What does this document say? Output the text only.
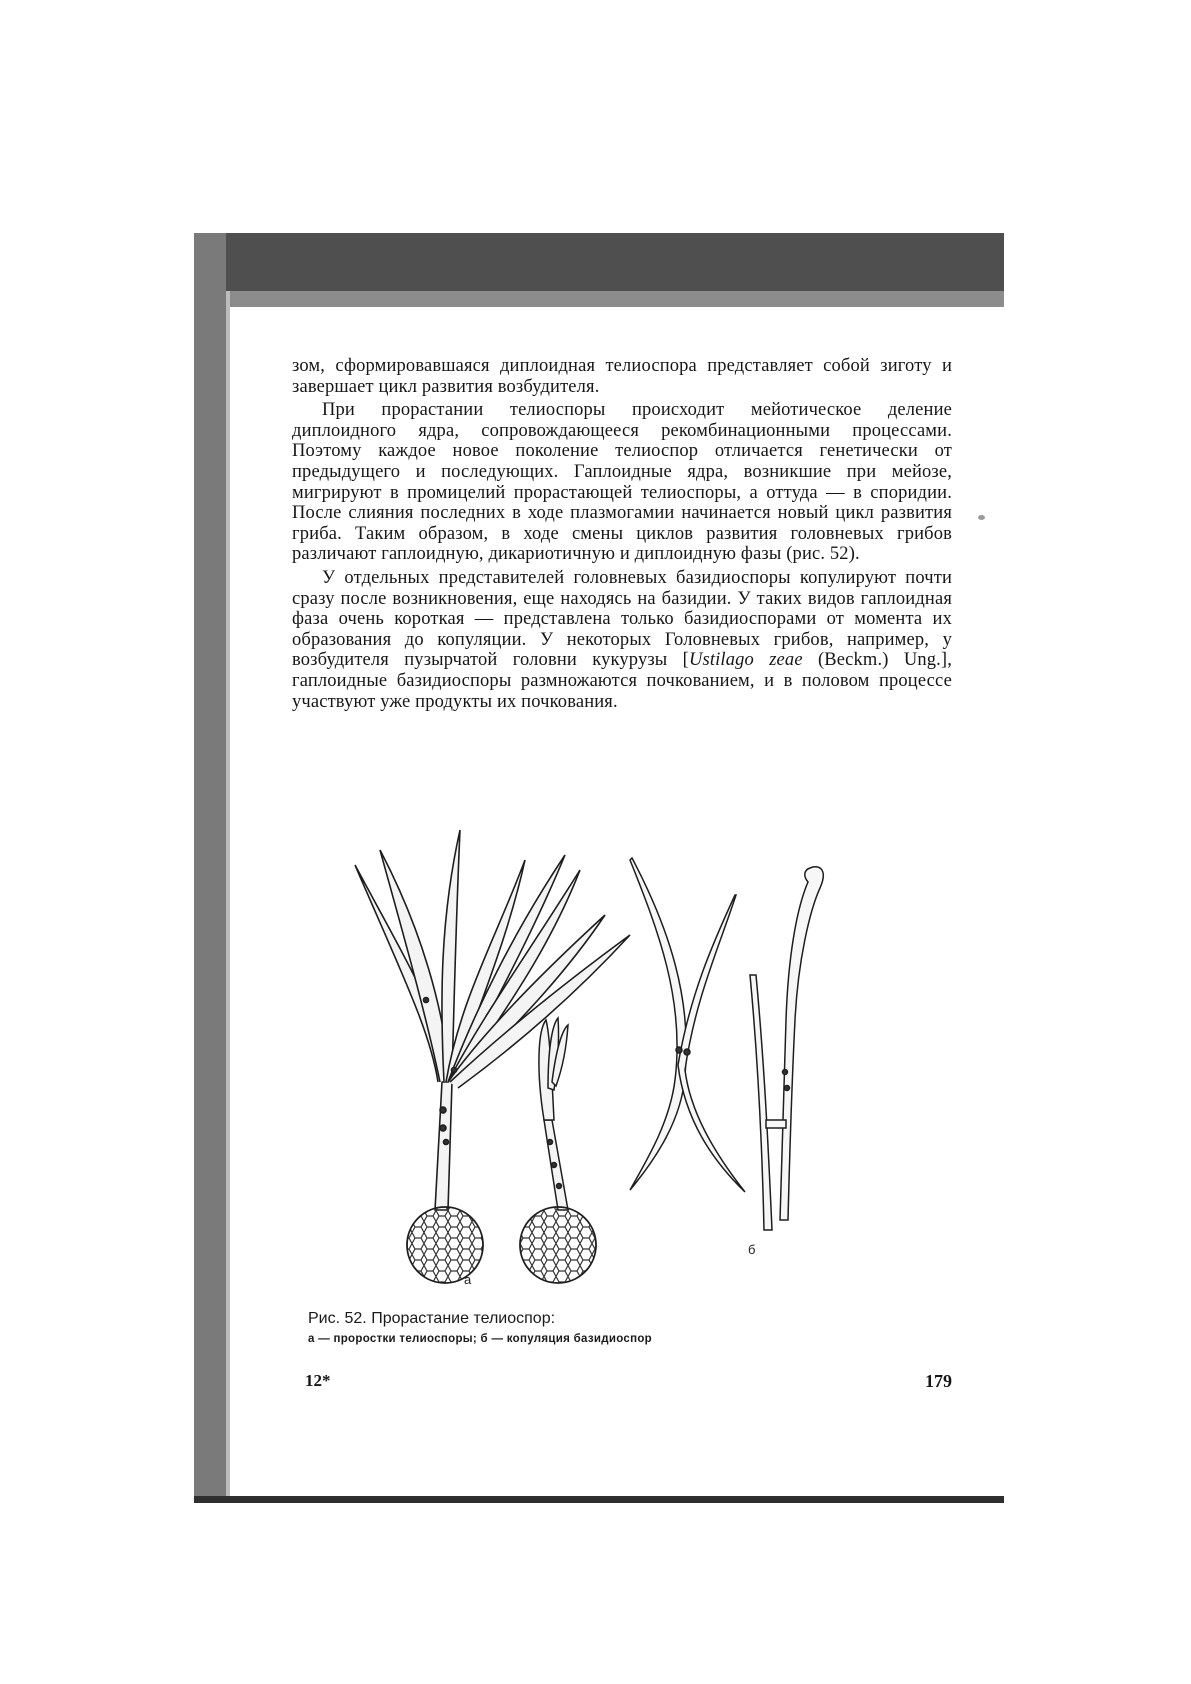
зом, сформировавшаяся диплоидная телиоспора представляет собой зиготу и завершает цикл развития возбудителя.

При прорастании телиоспоры происходит мейотическое деление диплоидного ядра, сопровождающееся рекомбинационными процессами. Поэтому каждое новое поколение телиоспор отличается генетически от предыдущего и последующих. Гаплоидные ядра, возникшие при мейозе, мигрируют в промицелий прорастающей телиоспоры, а оттуда — в споридии. После слияния последних в ходе плазмогамии начинается новый цикл развития гриба. Таким образом, в ходе смены циклов развития головневых грибов различают гаплоидную, дикариотичную и диплоидную фазы (рис. 52).

У отдельных представителей головневых базидиоспоры копулируют почти сразу после возникновения, еще находясь на базидии. У таких видов гаплоидная фаза очень короткая — представлена только базидиоспорами от момента их образования до копуляции. У некоторых Головневых грибов, например, у возбудителя пузырчатой головни кукурузы [Ustilago zeae (Beckm.) Ung.], гаплоидные базидиоспоры размножаются почкованием, и в половом процессе участвуют уже продукты их почкования.

а
б
Рис. 52. Прорастание телиоспор:
а — проростки телиоспоры; б — копуляция базидиоспор
12*	179
